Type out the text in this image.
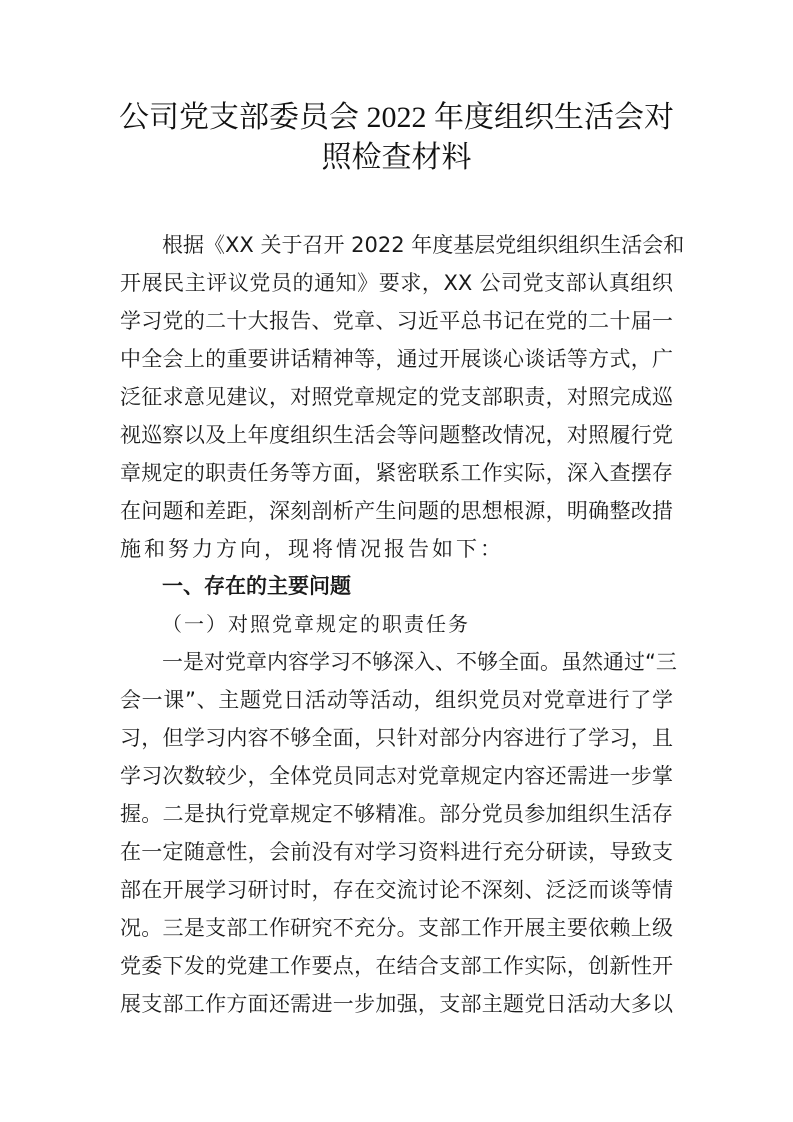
公司党支部委员会 2022 年度组织生活会对
照检查材料
根据《XX 关于召开 2022 年度基层党组织组织生活会和
开展民主评议党员的通知》要求，XX 公司党支部认真组织
学习党的二十大报告、党章、习近平总书记在党的二十届一
中全会上的重要讲话精神等，通过开展谈心谈话等方式，广
泛征求意见建议，对照党章规定的党支部职责，对照完成巡
视巡察以及上年度组织生活会等问题整改情况，对照履行党
章规定的职责任务等方面，紧密联系工作实际，深入查摆存
在问题和差距，深刻剖析产生问题的思想根源，明确整改措
施和努力方向，现将情况报告如下：
一、存在的主要问题
（一）对照党章规定的职责任务
一是对党章内容学习不够深入、不够全面。虽然通过“三
会一课”、主题党日活动等活动，组织党员对党章进行了学
习，但学习内容不够全面，只针对部分内容进行了学习，且
学习次数较少，全体党员同志对党章规定内容还需进一步掌
握。二是执行党章规定不够精准。部分党员参加组织生活存
在一定随意性，会前没有对学习资料进行充分研读，导致支
部在开展学习研讨时，存在交流讨论不深刻、泛泛而谈等情
况。三是支部工作研究不充分。支部工作开展主要依赖上级
党委下发的党建工作要点，在结合支部工作实际，创新性开
展支部工作方面还需进一步加强，支部主题党日活动大多以
